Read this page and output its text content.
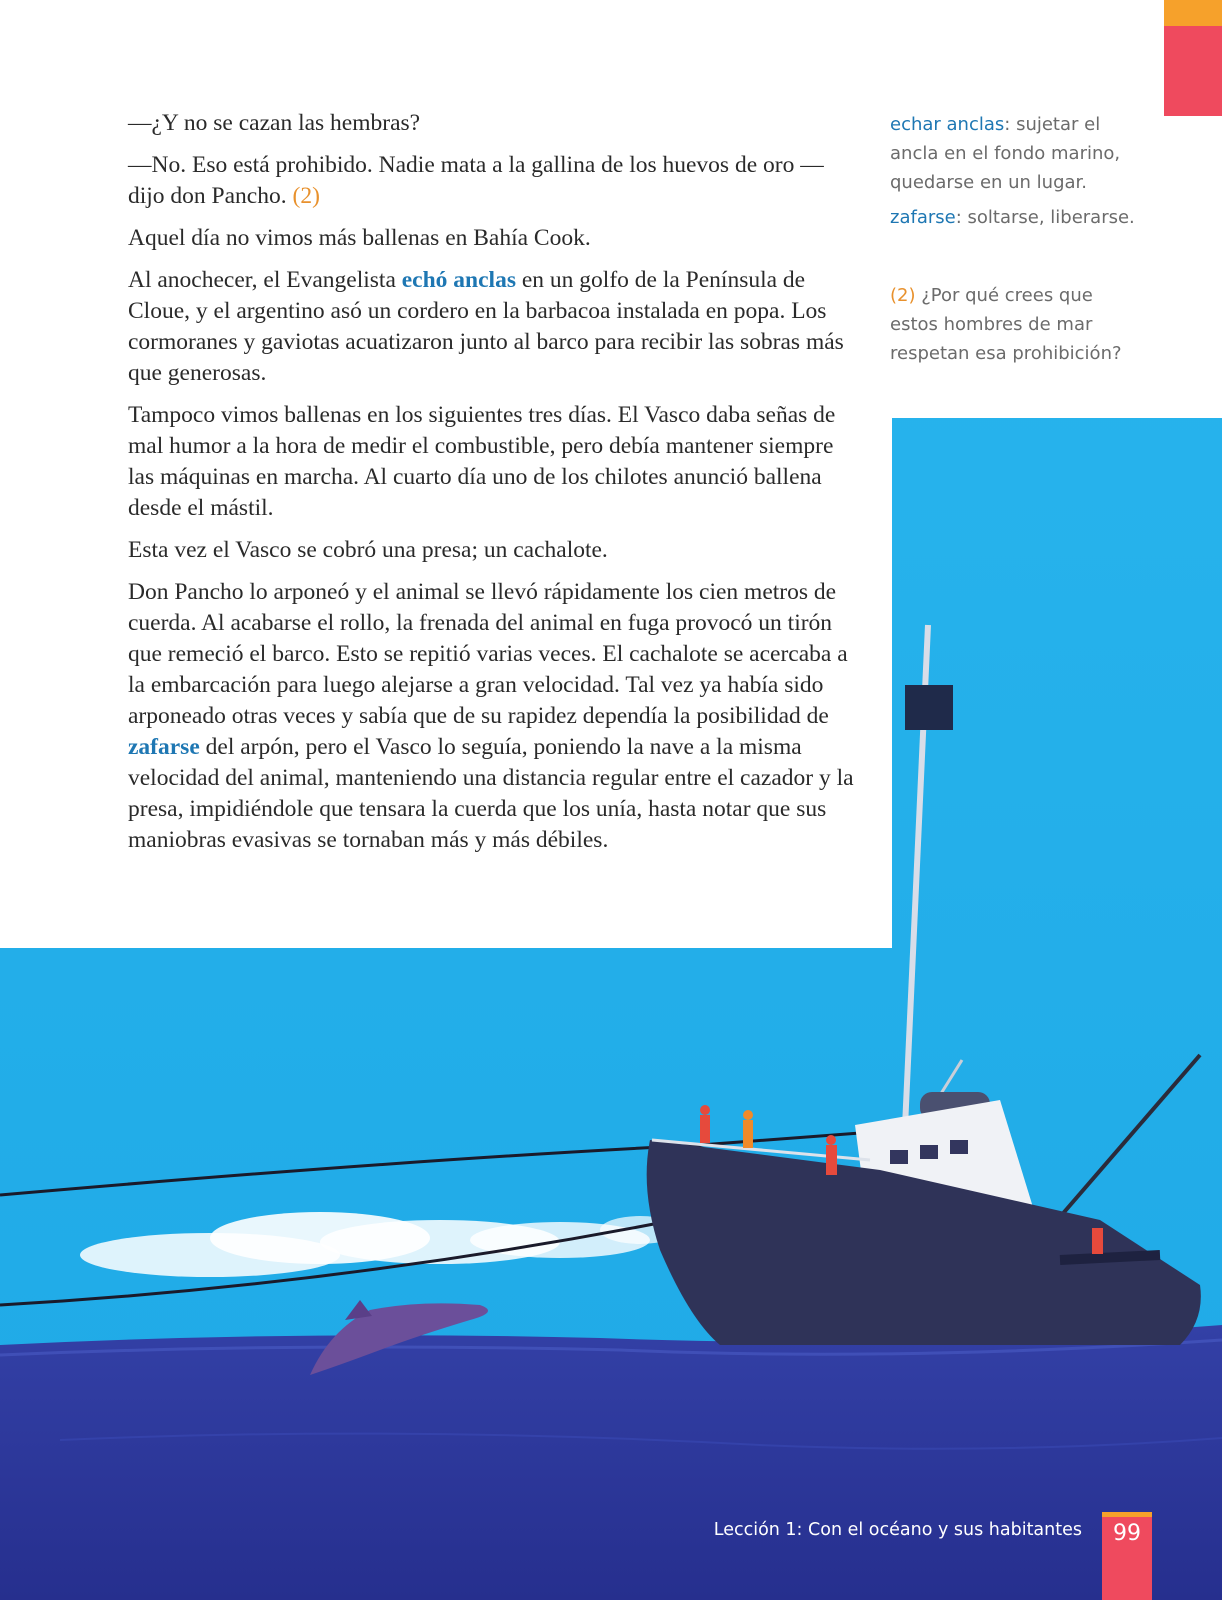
—¿Y no se cazan las hembras?

—No. Eso está prohibido. Nadie mata a la gallina de los huevos de oro —dijo don Pancho. (2)

Aquel día no vimos más ballenas en Bahía Cook.

Al anochecer, el Evangelista echó anclas en un golfo de la Península de Cloue, y el argentino asó un cordero en la barbacoa instalada en popa. Los cormoranes y gaviotas acuatizaron junto al barco para recibir las sobras más que generosas.

Tampoco vimos ballenas en los siguientes tres días. El Vasco daba señas de mal humor a la hora de medir el combustible, pero debía mantener siempre las máquinas en marcha. Al cuarto día uno de los chilotes anunció ballena desde el mástil.

Esta vez el Vasco se cobró una presa; un cachalote.

Don Pancho lo arponeó y el animal se llevó rápidamente los cien metros de cuerda. Al acabarse el rollo, la frenada del animal en fuga provocó un tirón que remeció el barco. Esto se repitió varias veces. El cachalote se acercaba a la embarcación para luego alejarse a gran velocidad. Tal vez ya había sido arponeado otras veces y sabía que de su rapidez dependía la posibilidad de zafarse del arpón, pero el Vasco lo seguía, poniendo la nave a la misma velocidad del animal, manteniendo una distancia regular entre el cazador y la presa, impidiéndole que tensara la cuerda que los unía, hasta notar que sus maniobras evasivas se tornaban más y más débiles.

echar anclas: sujetar el ancla en el fondo marino, quedarse en un lugar.

zafarse: soltarse, liberarse.

(2) ¿Por qué crees que estos hombres de mar respetan esa prohibición?
Lección 1: Con el océano y sus habitantes	99
